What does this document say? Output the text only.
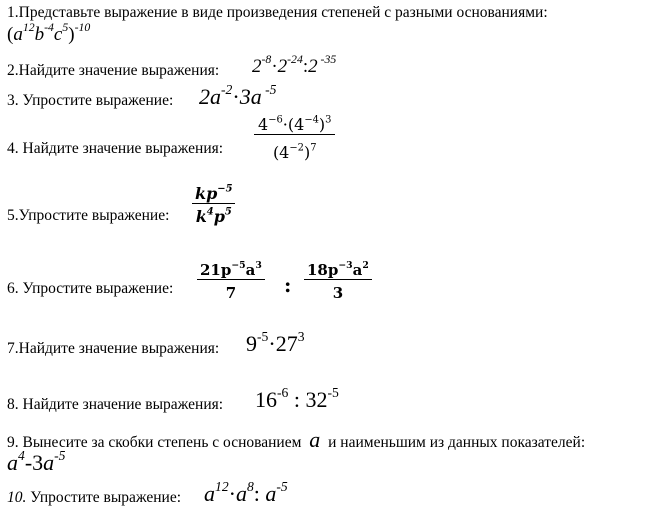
1.Представьте выражение в виде произведения степеней с разными основаниями:
$(a^{12}b^{-4}c^5)^{-10}$
2.Найдите значение выражения: $2^{-8}\cdot 2^{-24}:2$ $^{-35}$
3. Упростите выражение: $2a^{-2}\cdot 3a$ $^{-5}$
4. Найдите значение выражения:
$4^{-6}\cdot(4^{-4})^3$
$(4^{-2})^7$
5.Упростите выражение:
$kp^{-5}$
$k^4p^5$
6. Упростите выражение:
$21p^{-5}a^3$
7	:
$18p^{-3}a^2$
3
7.Найдите значение выражения: $9^{-5}\cdot 27^3$
8. Найдите значение выражения: $16^{-6}$ : $32^{-5}$
9. Вынесите за скобки степень с основанием a и наименьшим из данных показателей:
$a^4-3a^{-5}$
10. Упростите выражение: $a^{12}\cdot a^8$: $a^{-5}$
